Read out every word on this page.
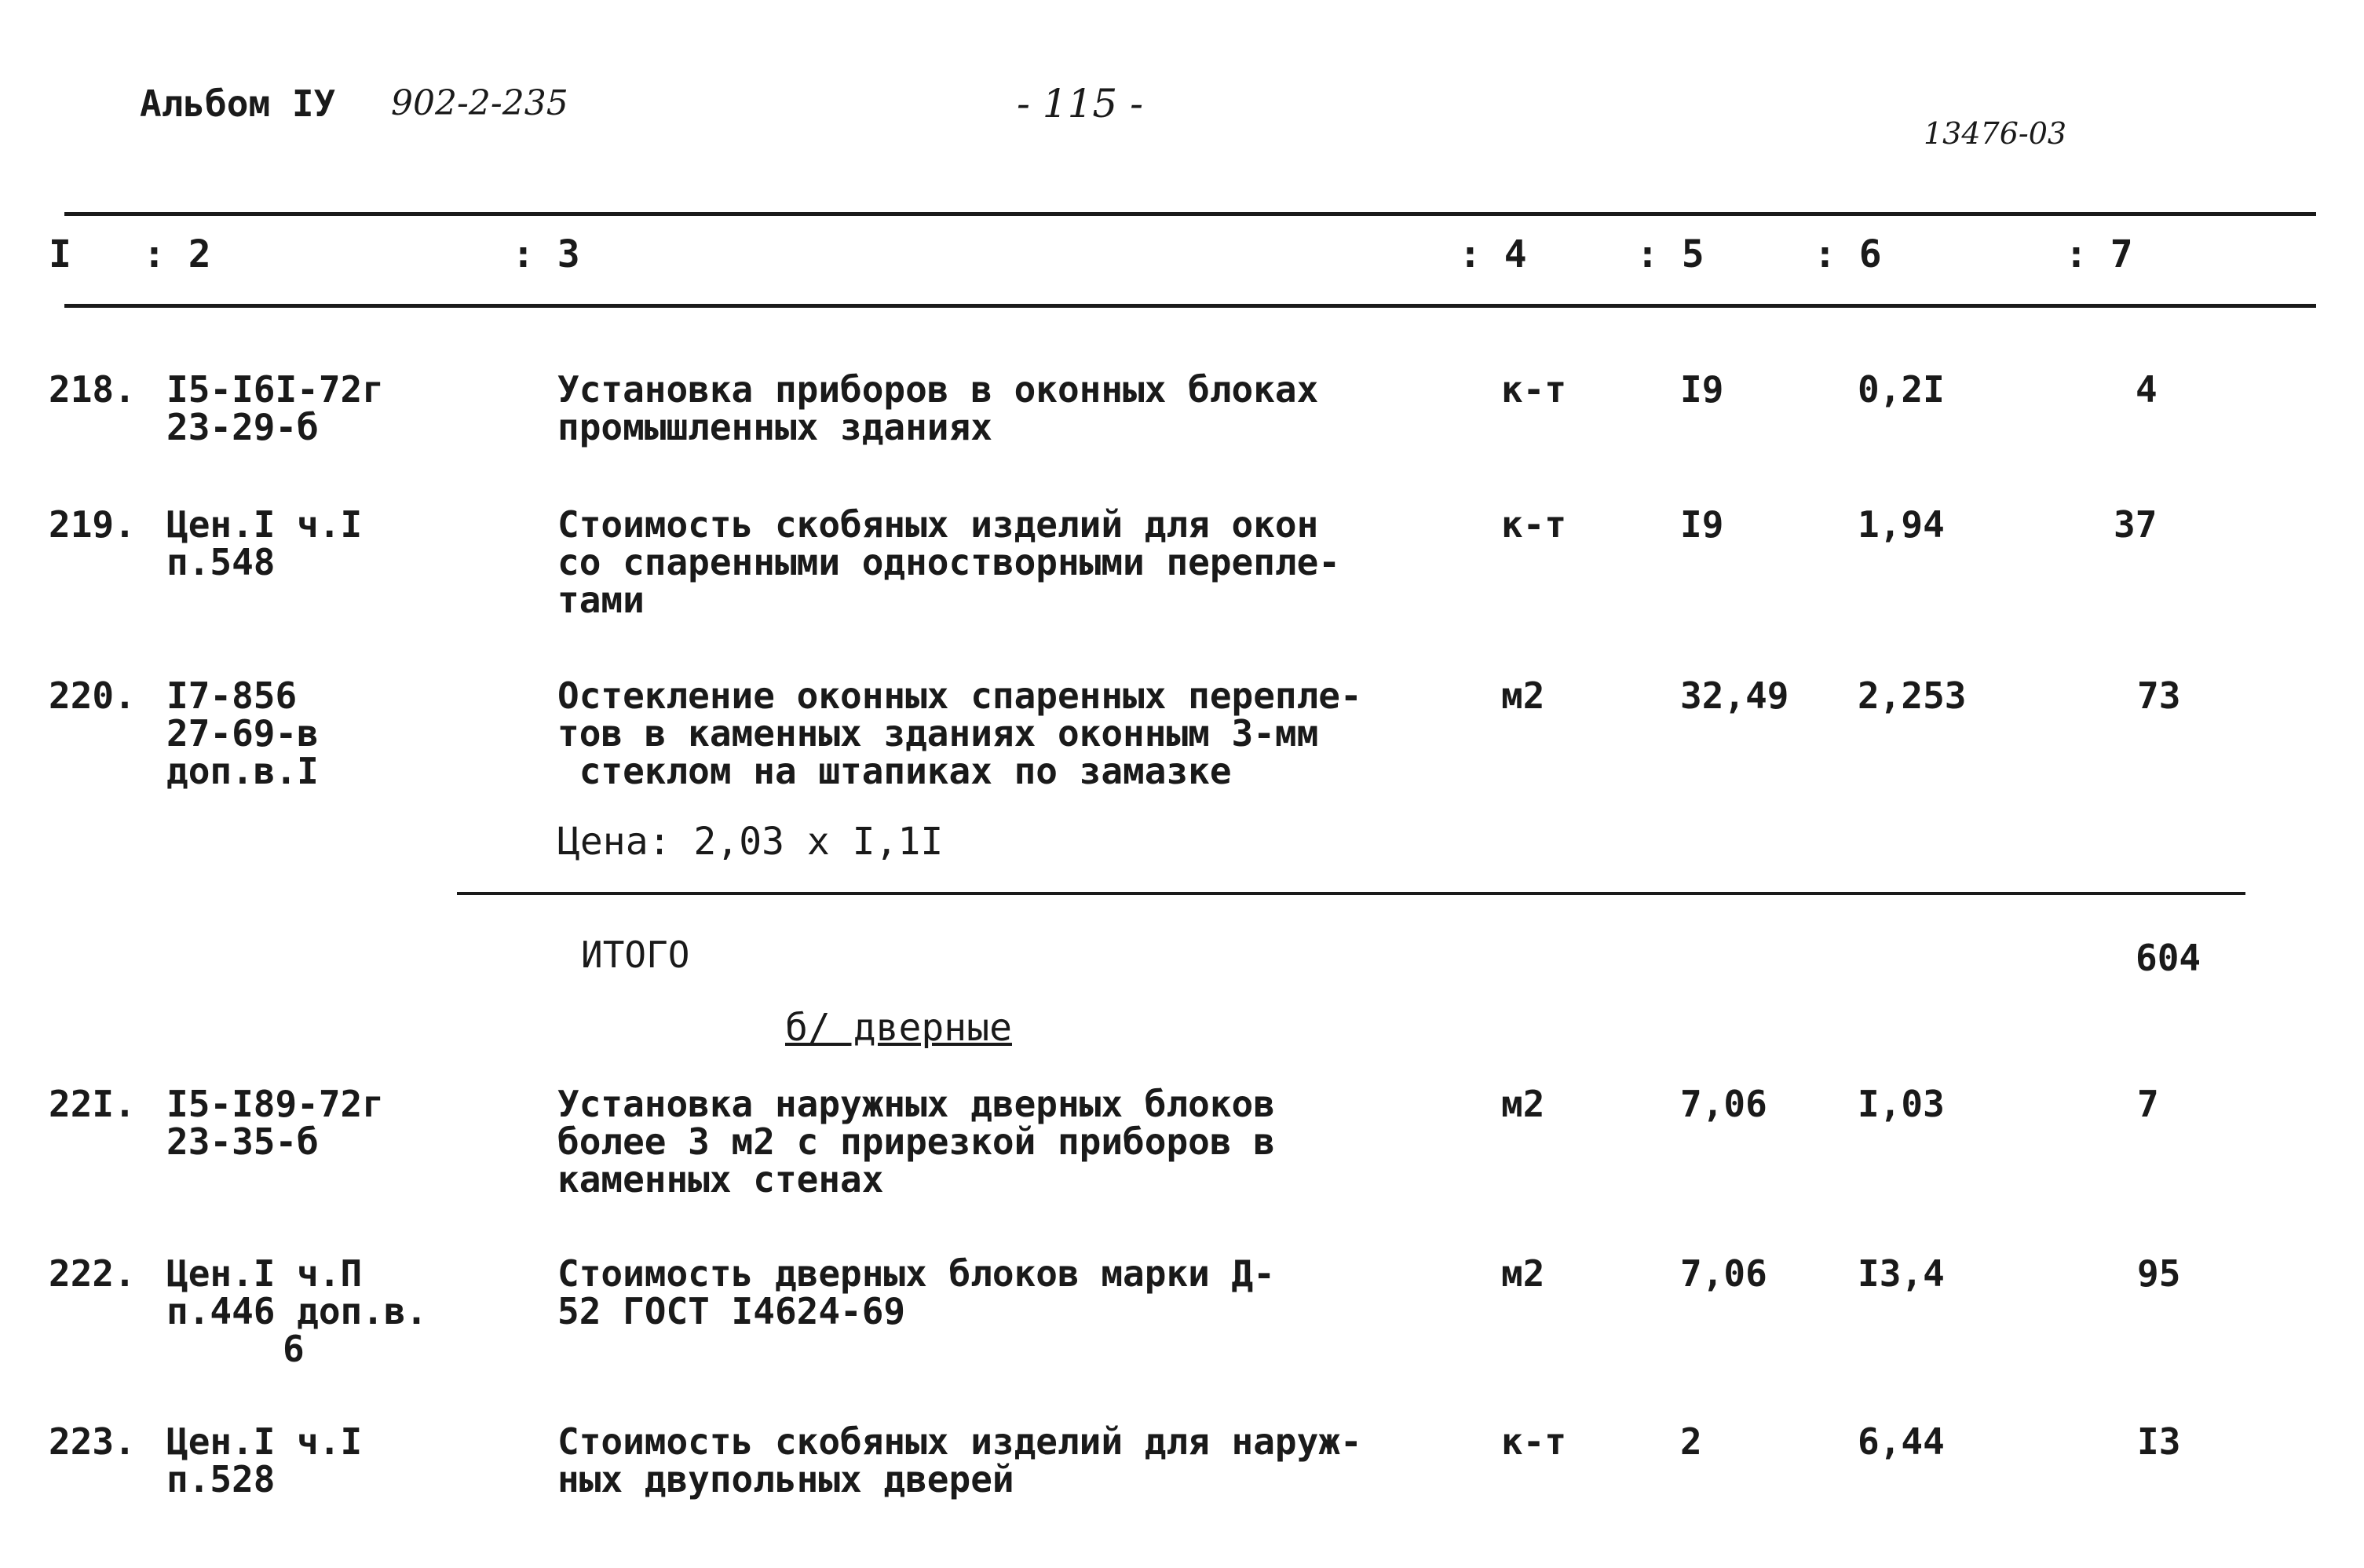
Альбом IУ 902-2-235	- 115 -
13476-03
I : 2	: 3	: 4	: 5	: 6	: 7
218. I5-I6I-72г
23-29-б
Установка приборов в оконных блоках
промышленных зданиях
к-т	I9	0,2I	4
219. Цен.I ч.I
п.548
Стоимость скобяных изделий для окон
со спаренными одностворными переплe-
тами
к-т	I9	1,94	37
220. I7-856
27-69-в
доп.в.I
Остекление оконных спаренных перепле-
тов в каменных зданиях оконным 3-мм
стеклом на штапиках по замазке
м2	32,49 2,253	73
Цена: 2,03 x I,1I
ИТОГО	604
б/ дверные
22I. I5-I89-72г
23-35-б
Установка наружных дверных блоков
более 3 м2 с прирезкой приборов в
каменных стенах
м2	7,06	I,03	7
222. Цен.I ч.П
п.446 доп.в.
6
Стоимость дверных блоков марки Д-
52 ГОСТ I4624-69
м2	7,06	I3,4	95
223. Цен.I ч.I
п.528
Стоимость скобяных изделий для наруж-
ных двупольных дверей
к-т	2	6,44	I3
